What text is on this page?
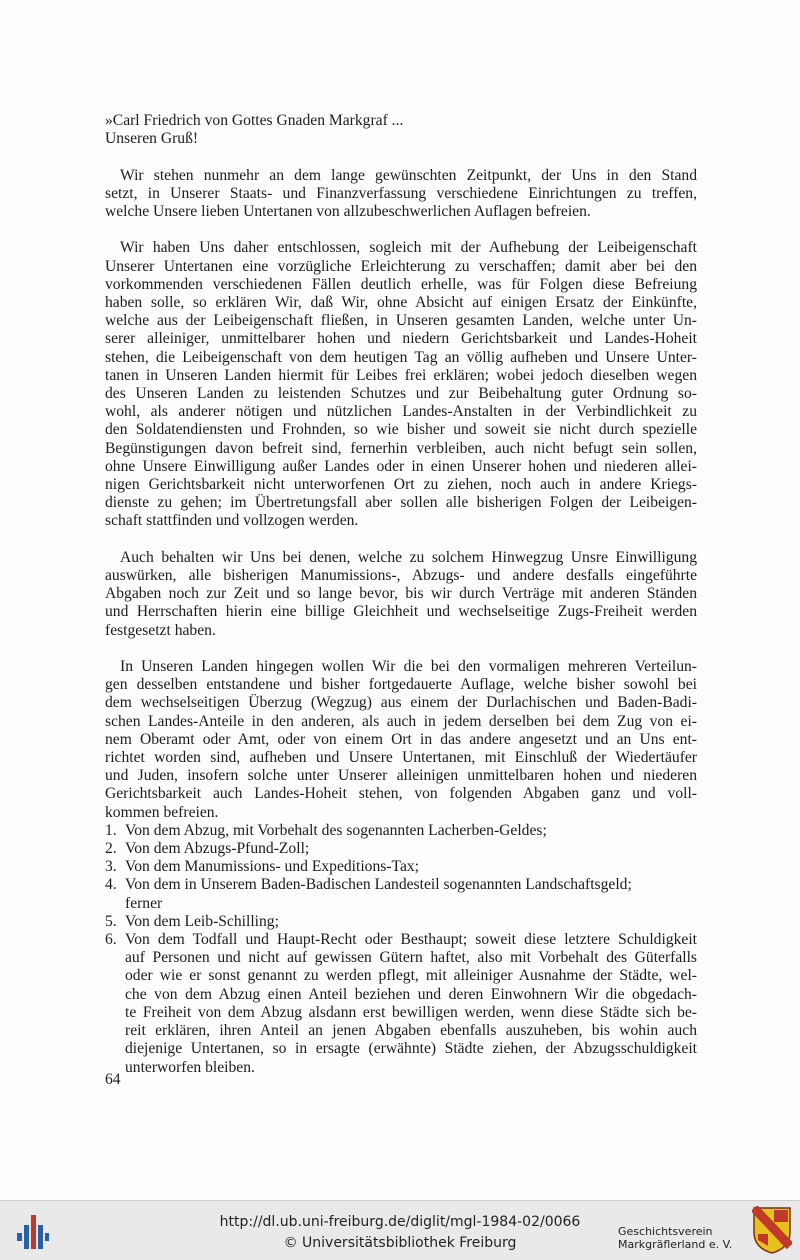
»Carl Friedrich von Gottes Gnaden Markgraf ...
Unseren Gruß!
Wir stehen nunmehr an dem lange gewünschten Zeitpunkt, der Uns in den Stand
setzt, in Unserer Staats- und Finanzverfassung verschiedene Einrichtungen zu treffen,
welche Unsere lieben Untertanen von allzubeschwerlichen Auflagen befreien.
Wir haben Uns daher entschlossen, sogleich mit der Aufhebung der Leibeigenschaft
Unserer Untertanen eine vorzügliche Erleichterung zu verschaffen; damit aber bei den
vorkommenden verschiedenen Fällen deutlich erhelle, was für Folgen diese Befreiung
haben solle, so erklären Wir, daß Wir, ohne Absicht auf einigen Ersatz der Einkünfte,
welche aus der Leibeigenschaft fließen, in Unseren gesamten Landen, welche unter Un-
serer alleiniger, unmittelbarer hohen und niedern Gerichtsbarkeit und Landes-Hoheit
stehen, die Leibeigenschaft von dem heutigen Tag an völlig aufheben und Unsere Unter-
tanen in Unseren Landen hiermit für Leibes frei erklären; wobei jedoch dieselben wegen
des Unseren Landen zu leistenden Schutzes und zur Beibehaltung guter Ordnung so-
wohl, als anderer nötigen und nützlichen Landes-Anstalten in der Verbindlichkeit zu
den Soldatendiensten und Frohnden, so wie bisher und soweit sie nicht durch spezielle
Begünstigungen davon befreit sind, fernerhin verbleiben, auch nicht befugt sein sollen,
ohne Unsere Einwilligung außer Landes oder in einen Unserer hohen und niederen allei-
nigen Gerichtsbarkeit nicht unterworfenen Ort zu ziehen, noch auch in andere Kriegs-
dienste zu gehen; im Übertretungsfall aber sollen alle bisherigen Folgen der Leibeigen-
schaft stattfinden und vollzogen werden.
Auch behalten wir Uns bei denen, welche zu solchem Hinwegzug Unsre Einwilligung
auswürken, alle bisherigen Manumissions-, Abzugs- und andere desfalls eingeführte
Abgaben noch zur Zeit und so lange bevor, bis wir durch Verträge mit anderen Ständen
und Herrschaften hierin eine billige Gleichheit und wechselseitige Zugs-Freiheit werden
festgesetzt haben.
In Unseren Landen hingegen wollen Wir die bei den vormaligen mehreren Verteilun-
gen desselben entstandene und bisher fortgedauerte Auflage, welche bisher sowohl bei
dem wechselseitigen Überzug (Wegzug) aus einem der Durlachischen und Baden-Badi-
schen Landes-Anteile in den anderen, als auch in jedem derselben bei dem Zug von ei-
nem Oberamt oder Amt, oder von einem Ort in das andere angesetzt und an Uns ent-
richtet worden sind, aufheben und Unsere Untertanen, mit Einschluß der Wiedertäufer
und Juden, insofern solche unter Unserer alleinigen unmittelbaren hohen und niederen
Gerichtsbarkeit auch Landes-Hoheit stehen, von folgenden Abgaben ganz und voll-
kommen befreien.
1. Von dem Abzug, mit Vorbehalt des sogenannten Lacherben-Geldes;
2. Von dem Abzugs-Pfund-Zoll;
3. Von dem Manumissions- und Expeditions-Tax;
4. Von dem in Unserem Baden-Badischen Landesteil sogenannten Landschaftsgeld;
ferner
5. Von dem Leib-Schilling;
6. Von dem Todfall und Haupt-Recht oder Besthaupt; soweit diese letztere Schuldigkeit
auf Personen und nicht auf gewissen Gütern haftet, also mit Vorbehalt des Güterfalls
oder wie er sonst genannt zu werden pflegt, mit alleiniger Ausnahme der Städte, wel-
che von dem Abzug einen Anteil beziehen und deren Einwohnern Wir die obgedach-
te Freiheit von dem Abzug alsdann erst bewilligen werden, wenn diese Städte sich be-
reit erklären, ihren Anteil an jenen Abgaben ebenfalls auszuheben, bis wohin auch
diejenige Untertanen, so in ersagte (erwähnte) Städte ziehen, der Abzugsschuldigkeit
unterworfen bleiben.
64
http://dl.ub.uni-freiburg.de/diglit/mgl-1984-02/0066
© Universitätsbibliothek Freiburg
Geschichtsverein
Markgräflerland e. V.
